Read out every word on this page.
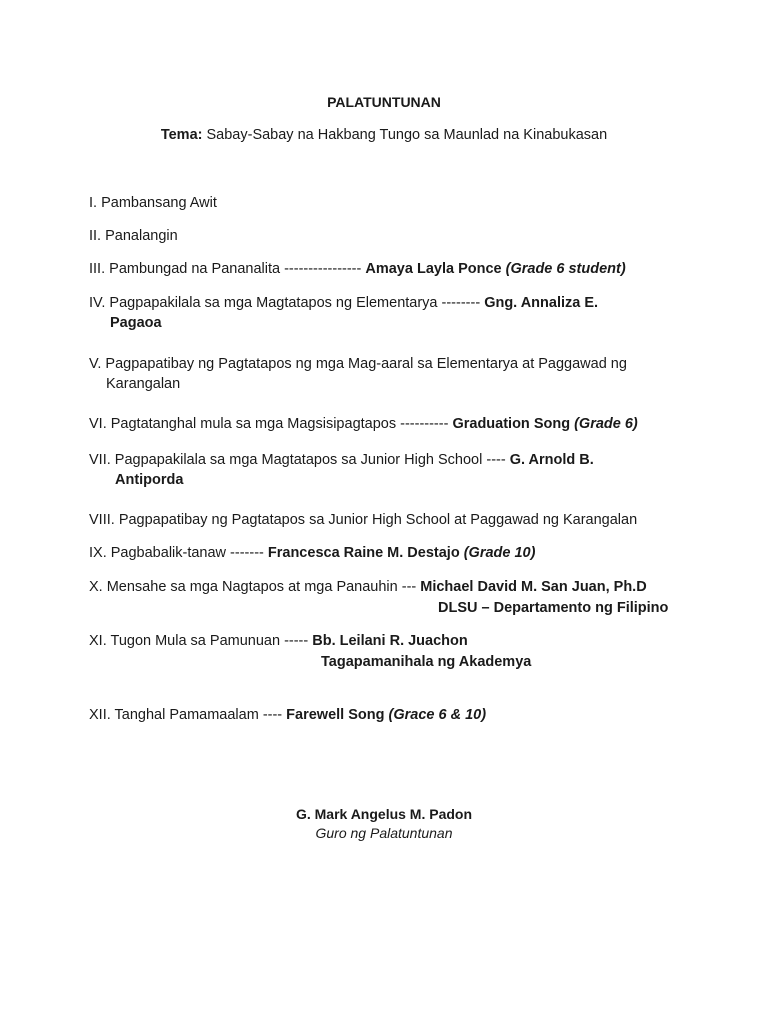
PALATUNTUNAN
Tema: Sabay-Sabay na Hakbang Tungo sa Maunlad na Kinabukasan
I. Pambansang Awit
II. Panalangin
III. Pambungad na Pananalita ---------------- Amaya Layla Ponce (Grade 6 student)
IV. Pagpapakilala sa mga Magtatapos ng Elementarya -------- Gng. Annaliza E.
Pagaoa
V. Pagpapatibay ng Pagtatapos ng mga Mag-aaral sa Elementarya at Paggawad ng
Karangalan
VI. Pagtatanghal mula sa mga Magsisipagtapos ---------- Graduation Song (Grade 6)
VII. Pagpapakilala sa mga Magtatapos sa Junior High School ---- G. Arnold B.
Antiporda
VIII. Pagpapatibay ng Pagtatapos sa Junior High School at Paggawad ng Karangalan
IX. Pagbabalik-tanaw ------- Francesca Raine M. Destajo (Grade 10)
X. Mensahe sa mga Nagtapos at mga Panauhin --- Michael David M. San Juan, Ph.D
DLSU – Departamento ng Filipino
XI. Tugon Mula sa Pamunuan ----- Bb. Leilani R. Juachon
Tagapamanihala ng Akademya
XII. Tanghal Pamamaalam ---- Farewell Song (Grace 6 & 10)
G. Mark Angelus M. Padon
Guro ng Palatuntunan
